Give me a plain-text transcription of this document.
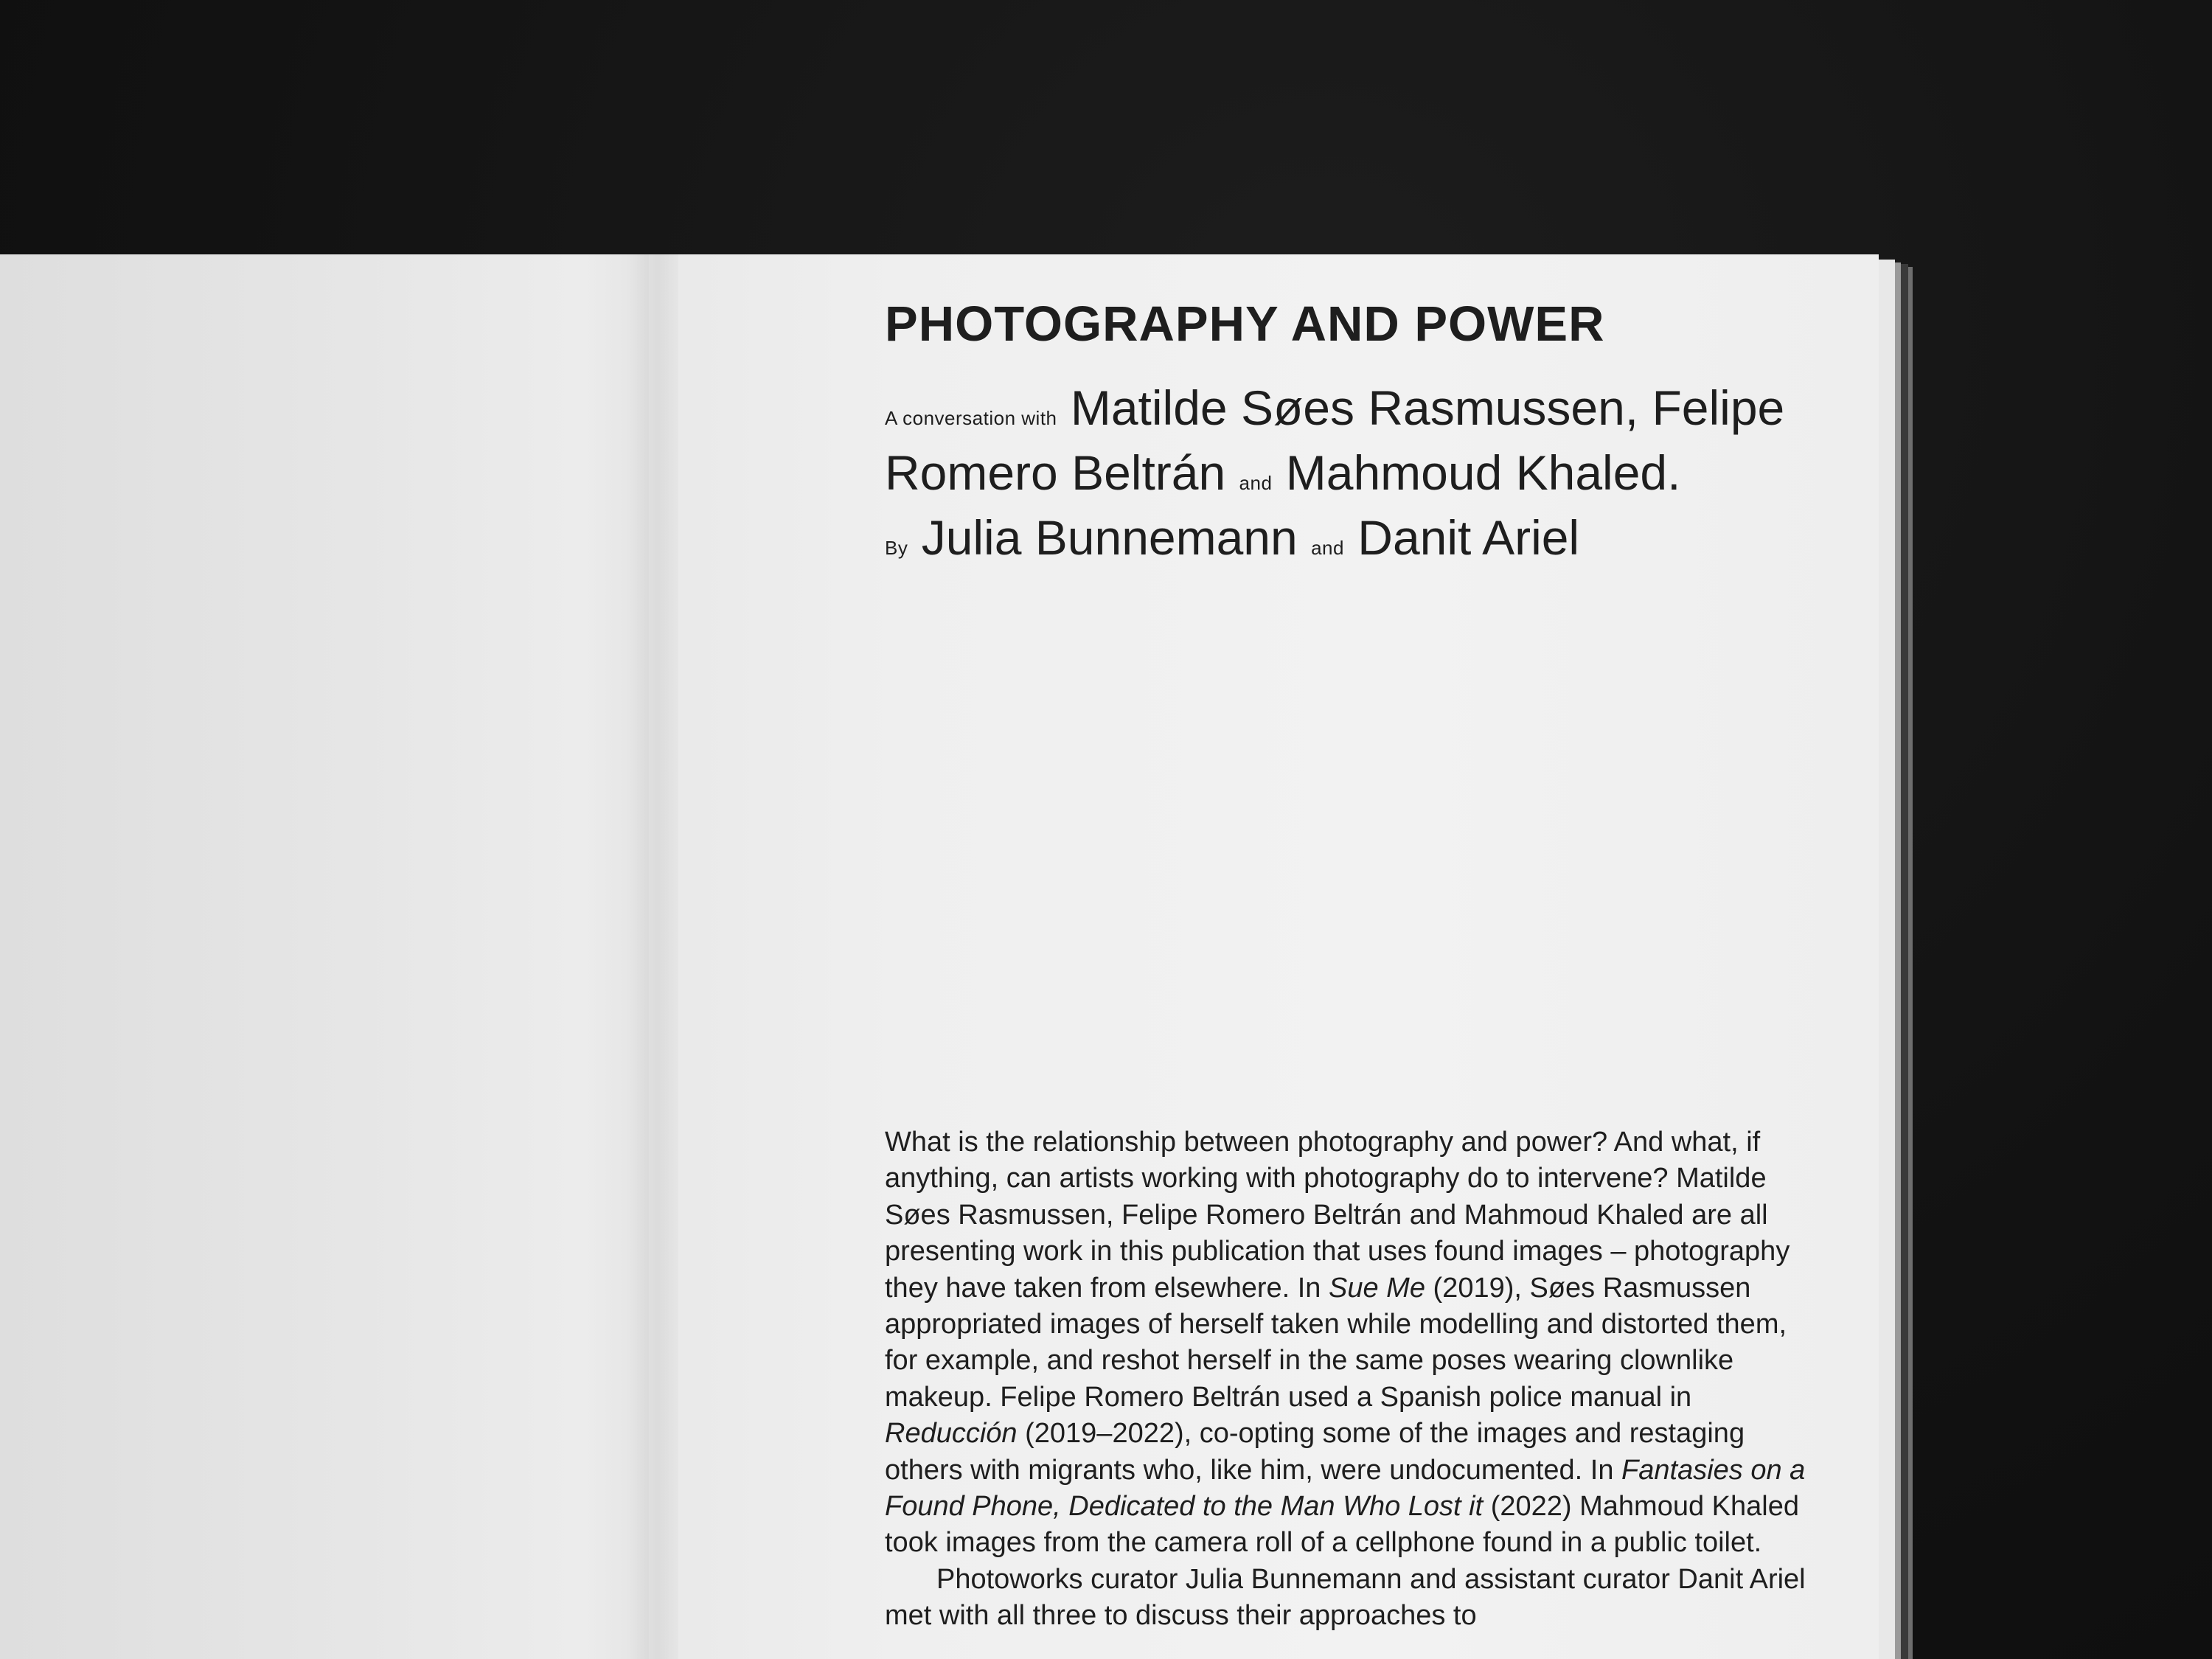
PHOTOGRAPHY AND POWER
A conversation with Matilde Søes Rasmussen, Felipe
Romero Beltrán and Mahmoud Khaled.
By Julia Bunnemann and Danit Ariel

What is the relationship between photography and power? And what, if anything, can artists working with photography do to intervene? Matilde Søes Rasmussen, Felipe Romero Beltrán and Mahmoud Khaled are all presenting work in this publication that uses found images – photography they have taken from elsewhere. In Sue Me (2019), Søes Rasmussen appropriated images of herself taken while modelling and distorted them, for example, and reshot herself in the same poses wearing clownlike makeup. Felipe Romero Beltrán used a Spanish police manual in Reducción (2019–2022), co-opting some of the images and restaging others with migrants who, like him, were undocumented. In Fantasies on a Found Phone, Dedicated to the Man Who Lost it (2022) Mahmoud Khaled took images from the camera roll of a cellphone found in a public toilet.

Photoworks curator Julia Bunnemann and assistant curator Danit Ariel met with all three to discuss their approaches to
